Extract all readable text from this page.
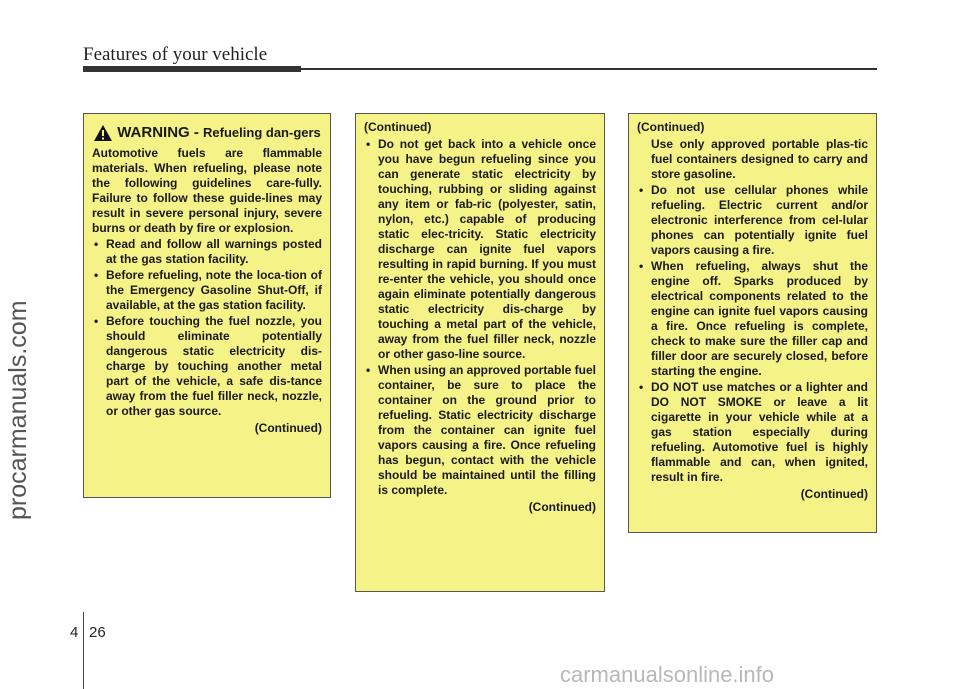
Features of your vehicle
procarmanuals.com
WARNING - Refueling dan-gers

Automotive fuels are flammable materials. When refueling, please note the following guidelines care-fully. Failure to follow these guide-lines may result in severe personal injury, severe burns or death by fire or explosion.

• Read and follow all warnings posted at the gas station facility.
• Before refueling, note the loca-tion of the Emergency Gasoline Shut-Off, if available, at the gas station facility.
• Before touching the fuel nozzle, you should eliminate potentially dangerous static electricity dis-charge by touching another metal part of the vehicle, a safe dis-tance away from the fuel filler neck, nozzle, or other gas source.
(Continued)
(Continued)
• Do not get back into a vehicle once you have begun refueling since you can generate static electricity by touching, rubbing or sliding against any item or fab-ric (polyester, satin, nylon, etc.) capable of producing static elec-tricity. Static electricity discharge can ignite fuel vapors resulting in rapid burning. If you must re-enter the vehicle, you should once again eliminate potentially dangerous static electricity dis-charge by touching a metal part of the vehicle, away from the fuel filler neck, nozzle or other gaso-line source.
• When using an approved portable fuel container, be sure to place the container on the ground prior to refueling. Static electricity discharge from the container can ignite fuel vapors causing a fire. Once refueling has begun, contact with the vehicle should be maintained until the filling is complete.
(Continued)
(Continued)
Use only approved portable plas-tic fuel containers designed to carry and store gasoline.
• Do not use cellular phones while refueling. Electric current and/or electronic interference from cel-lular phones can potentially ignite fuel vapors causing a fire.
• When refueling, always shut the engine off. Sparks produced by electrical components related to the engine can ignite fuel vapors causing a fire. Once refueling is complete, check to make sure the filler cap and filler door are securely closed, before starting the engine.
• DO NOT use matches or a lighter and DO NOT SMOKE or leave a lit cigarette in your vehicle while at a gas station especially during refueling. Automotive fuel is highly flammable and can, when ignited, result in fire.
(Continued)
4 26
carmanualsonline.info
